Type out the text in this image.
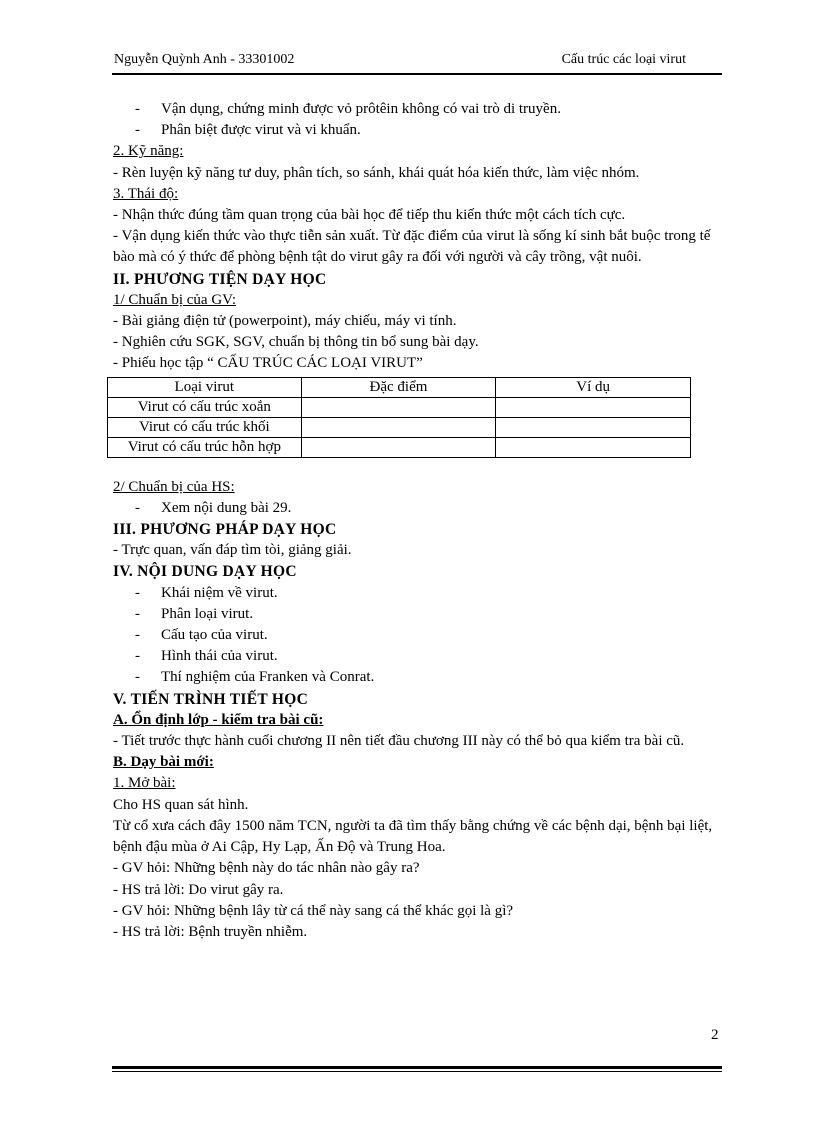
Nguyễn Quỳnh Anh - 33301002	Cấu trúc các loại virut
- Vận dụng, chứng minh được vỏ prôtêin không có vai trò di truyền.
- Phân biệt được virut và vi khuẩn.
2. Kỹ năng:
- Rèn luyện kỹ năng tư duy, phân tích, so sánh, khái quát hóa kiến thức, làm việc nhóm.
3. Thái độ:
- Nhận thức đúng tầm quan trọng của bài học để tiếp thu kiến thức một cách tích cực.
- Vận dụng kiến thức vào thực tiễn sản xuất. Từ đặc điểm của virut là sống kí sinh bắt buộc trong tế bào mà có ý thức để phòng bệnh tật do virut gây ra đối với người và cây trồng, vật nuôi.
II. PHƯƠNG TIỆN DẠY HỌC
1/ Chuẩn bị của GV:
- Bài giảng điện tử (powerpoint), máy chiếu, máy vi tính.
- Nghiên cứu SGK, SGV, chuẩn bị thông tin bổ sung bài dạy.
- Phiếu học tập “ CẤU TRÚC CÁC LOẠI VIRUT”
Loại virut	Đặc điểm	Ví dụ
Virut có cấu trúc xoắn		
Virut có cấu trúc khối		
Virut có cấu trúc hỗn hợp		
2/ Chuẩn bị của HS:
- Xem nội dung bài 29.
III. PHƯƠNG PHÁP DẠY HỌC
- Trực quan, vấn đáp tìm tòi, giảng giải.
IV. NỘI DUNG DẠY HỌC
- Khái niệm về virut.
- Phân loại virut.
- Cấu tạo của virut.
- Hình thái của virut.
- Thí nghiệm của Franken và Conrat.
V. TIẾN TRÌNH TIẾT HỌC
A. Ổn định lớp - kiểm tra bài cũ:
- Tiết trước thực hành cuối chương II nên tiết đầu chương III này có thể bỏ qua kiểm tra bài cũ.
B. Dạy bài mới:
1. Mở bài:
Cho HS quan sát hình.
Từ cổ xưa cách đây 1500 năm TCN, người ta đã tìm thấy bằng chứng về các bệnh dại, bệnh bại liệt, bệnh đậu mùa ở Ai Cập, Hy Lạp, Ấn Độ và Trung Hoa.
- GV hỏi: Những bệnh này do tác nhân nào gây ra?
- HS trả lời: Do virut gây ra.
- GV hỏi: Những bệnh lây từ cá thể này sang cá thể khác gọi là gì?
- HS trả lời: Bệnh truyền nhiễm.
2
